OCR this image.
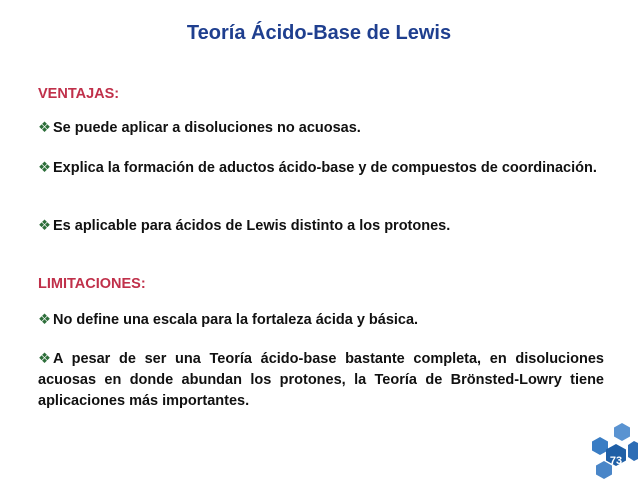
Teoría Ácido-Base de Lewis
VENTAJAS:
❖ Se puede aplicar a disoluciones no acuosas.
❖ Explica la formación de aductos ácido-base y de compuestos de coordinación.
❖ Es aplicable para ácidos de Lewis distinto a los protones.
LIMITACIONES:
❖ No define una escala para la fortaleza ácida y básica.
❖ A pesar de ser una Teoría ácido-base bastante completa, en disoluciones acuosas en donde abundan los protones, la Teoría de Brönsted-Lowry tiene aplicaciones más importantes.
73
